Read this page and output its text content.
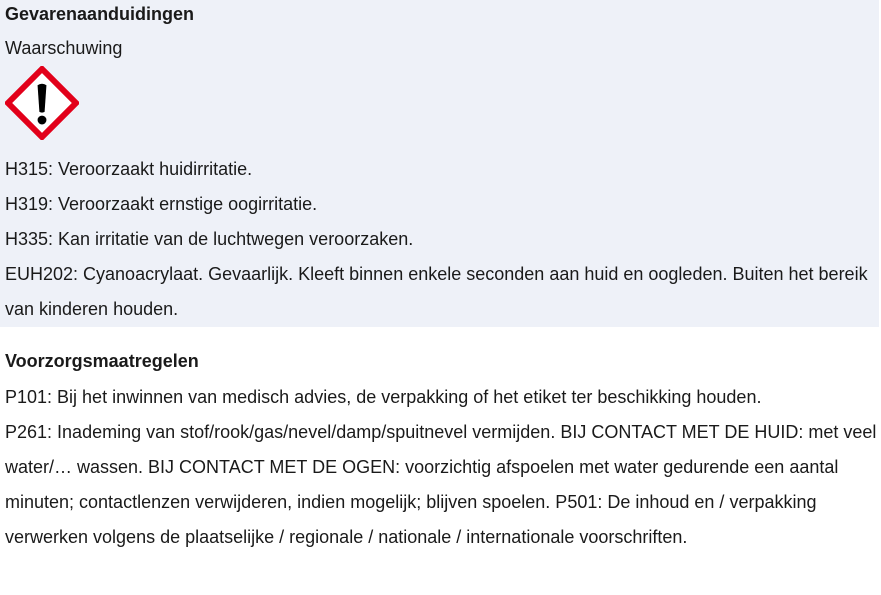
Gevarenaanduidingen
Waarschuwing
H315: Veroorzaakt huidirritatie.
H319: Veroorzaakt ernstige oogirritatie.
H335: Kan irritatie van de luchtwegen veroorzaken.
EUH202: Cyanoacrylaat. Gevaarlijk. Kleeft binnen enkele seconden aan huid en oogleden. Buiten het bereik van kinderen houden.
Voorzorgsmaatregelen

P101: Bij het inwinnen van medisch advies, de verpakking of het etiket ter beschikking houden.
P261: Inademing van stof/rook/gas/nevel/damp/spuitnevel vermijden. BIJ CONTACT MET DE HUID: met veel water/… wassen. BIJ CONTACT MET DE OGEN: voorzichtig afspoelen met water gedurende een aantal minuten; contactlenzen verwijderen, indien mogelijk; blijven spoelen. P501: De inhoud en / verpakking verwerken volgens de plaatselijke / regionale / nationale / internationale voorschriften.
